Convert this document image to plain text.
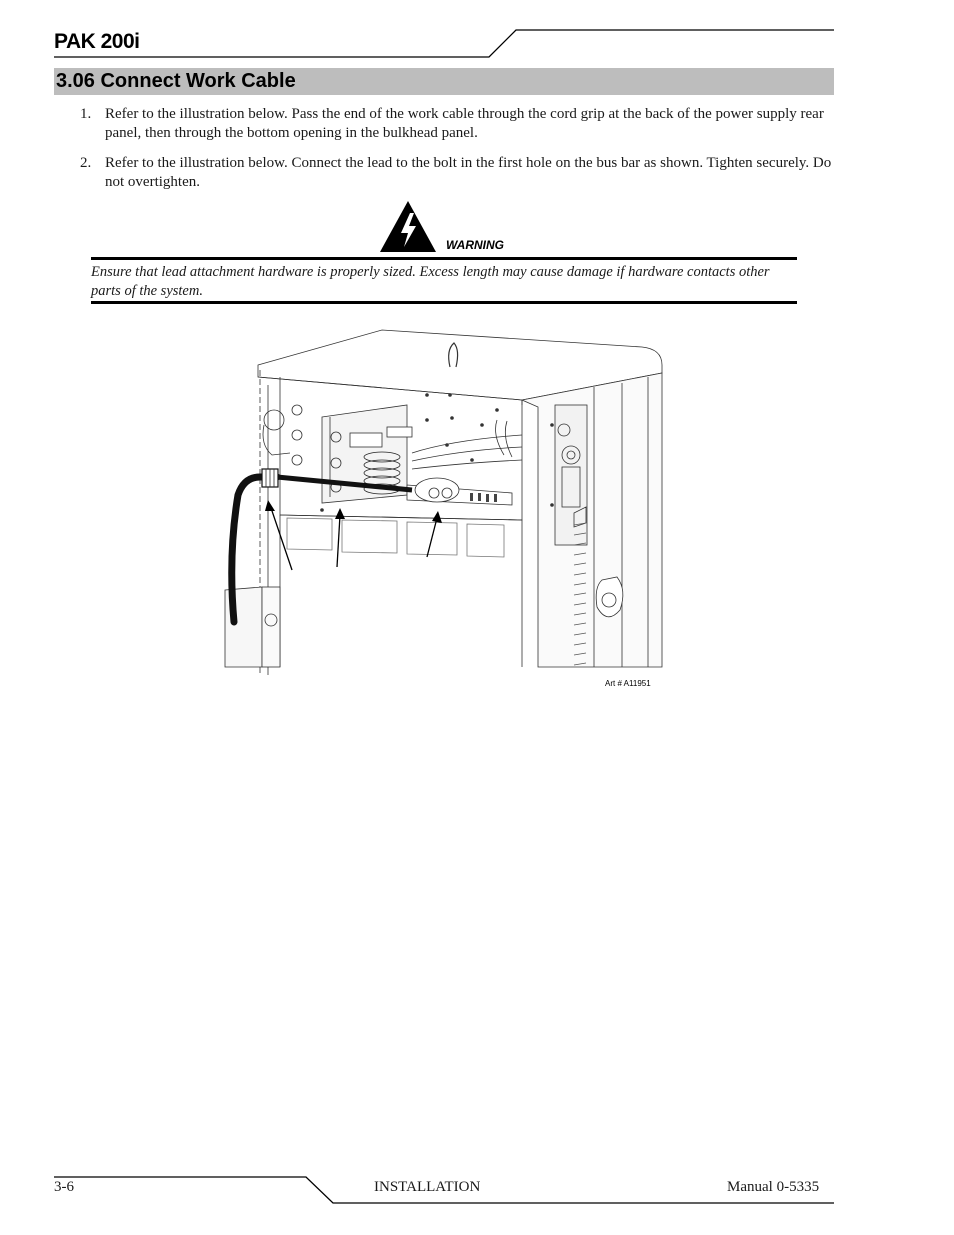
PAK 200i
3.06 Connect Work Cable
1. Refer to the illustration below. Pass the end of the work cable through the cord grip at the back of the power supply rear panel, then through the bottom opening in the bulkhead panel.
2. Refer to the illustration below. Connect the lead to the bolt in the first hole on the bus bar as shown. Tighten securely. Do not overtighten.
WARNING
Ensure that lead attachment hardware is properly sized. Excess length may cause damage if hardware contacts other parts of the system.
Art # A11951
3-6	INSTALLATION	Manual 0-5335
